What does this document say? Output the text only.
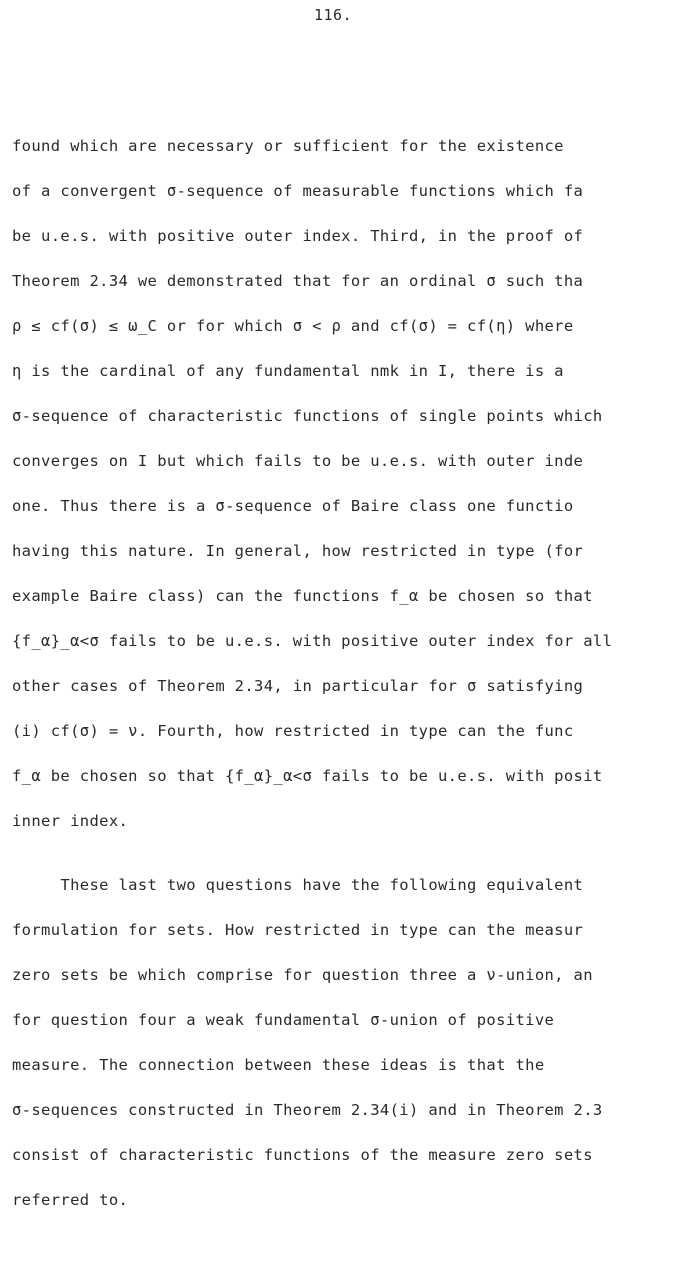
116.
found which are necessary or sufficient for the existence
of a convergent σ-sequence of measurable functions which fa
be u.e.s. with positive outer index. Third, in the proof of
Theorem 2.34 we demonstrated that for an ordinal σ such tha
ρ ≤ cf(σ) ≤ ω_C or for which σ < ρ and cf(σ) = cf(η) where
η is the cardinal of any fundamental nmk in I, there is a
σ-sequence of characteristic functions of single points which
converges on I but which fails to be u.e.s. with outer inde
one. Thus there is a σ-sequence of Baire class one functio
having this nature. In general, how restricted in type (for
example Baire class) can the functions f_α be chosen so that
{f_α}_α<σ fails to be u.e.s. with positive outer index for all
other cases of Theorem 2.34, in particular for σ satisfying
(i) cf(σ) = ν. Fourth, how restricted in type can the func
f_α be chosen so that {f_α}_α<σ fails to be u.e.s. with posit
inner index.
These last two questions have the following equivalent
formulation for sets. How restricted in type can the measur
zero sets be which comprise for question three a ν-union, an
for question four a weak fundamental σ-union of positive
measure. The connection between these ideas is that the
σ-sequences constructed in Theorem 2.34(i) and in Theorem 2.3
consist of characteristic functions of the measure zero sets
referred to.
